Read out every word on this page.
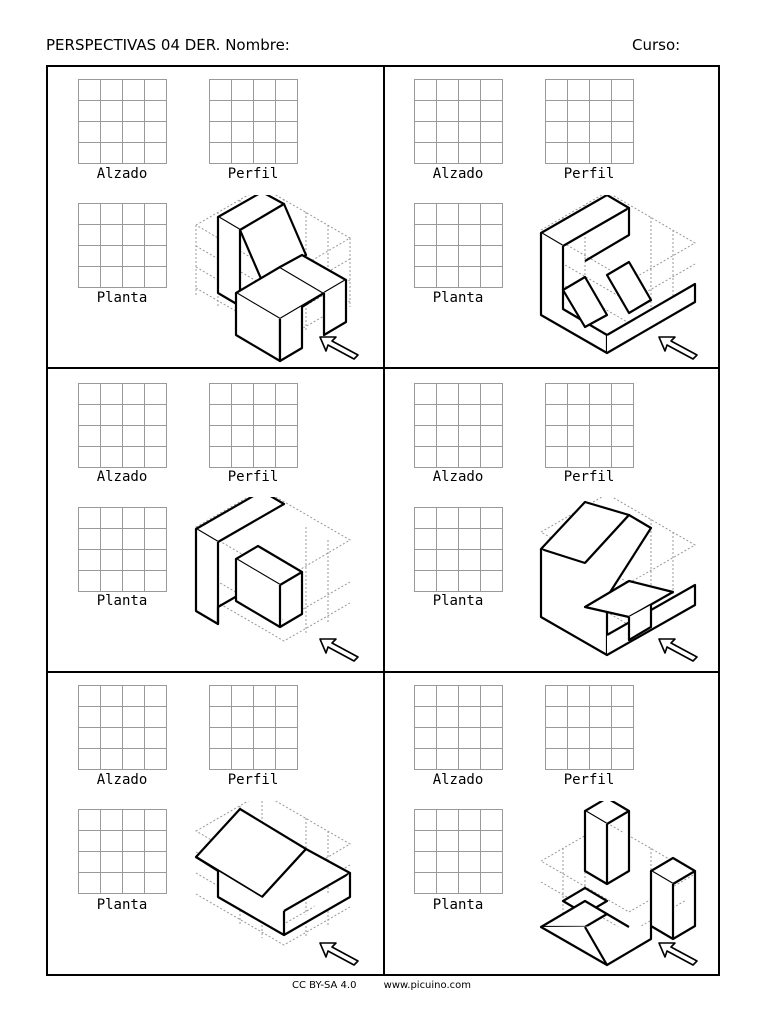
PERSPECTIVAS 04 DER. Nombre:	Curso:
Alzado	Perfil
Planta
Alzado	Perfil
Planta
Alzado	Perfil
Planta
Alzado	Perfil
Planta
Alzado	Perfil
Planta
Alzado	Perfil
Planta
CC BY-SA 4.0	www.picuino.com
